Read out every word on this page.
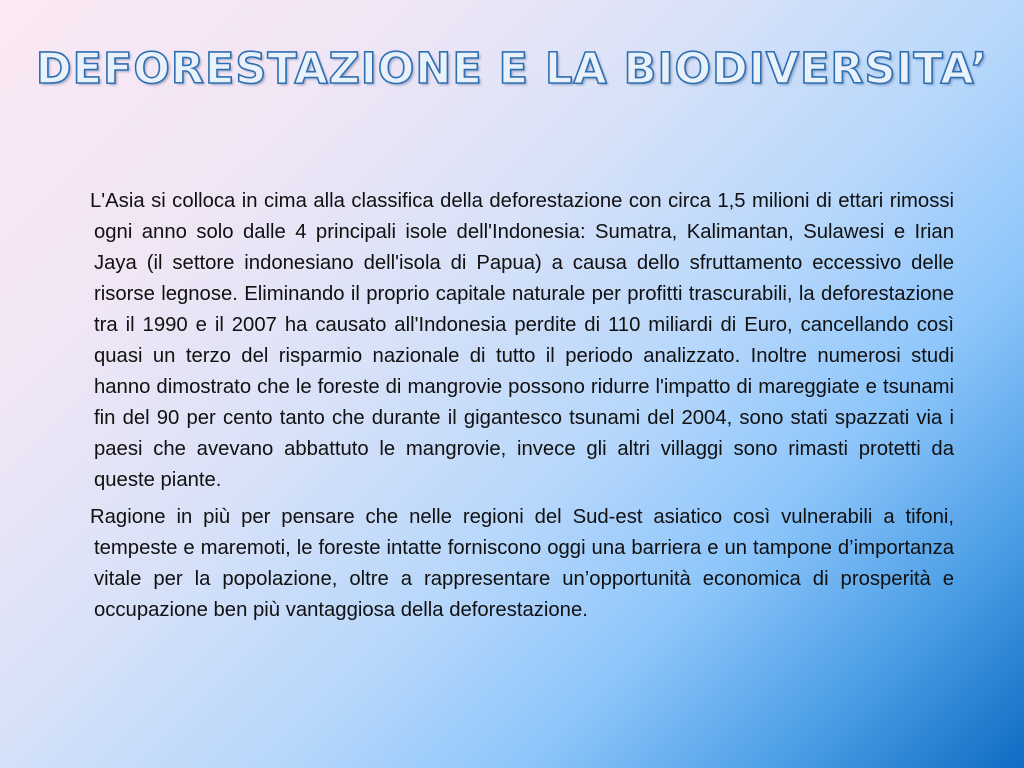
DEFORESTAZIONE E LA BIODIVERSITA’

L'Asia si colloca in cima alla classifica della deforestazione con circa 1,5 milioni di ettari rimossi ogni anno solo dalle 4 principali isole dell'Indonesia: Sumatra, Kalimantan, Sulawesi e Irian Jaya (il settore indonesiano dell'isola di Papua) a causa dello sfruttamento eccessivo delle risorse legnose. Eliminando il proprio capitale naturale per profitti trascurabili, la deforestazione tra il 1990 e il 2007 ha causato all'Indonesia perdite di 110 miliardi di Euro, cancellando così quasi un terzo del risparmio nazionale di tutto il periodo analizzato. Inoltre numerosi studi hanno dimostrato che le foreste di mangrovie possono ridurre l'impatto di mareggiate e tsunami fin del 90 per cento tanto che durante il gigantesco tsunami del 2004, sono stati spazzati via i paesi che avevano abbattuto le mangrovie, invece gli altri villaggi sono rimasti protetti da queste piante.

Ragione in più per pensare che nelle regioni del Sud-est asiatico così vulnerabili a tifoni, tempeste e maremoti, le foreste intatte forniscono oggi una barriera e un tampone d’importanza vitale per la popolazione, oltre a rappresentare un’opportunità economica di prosperità e occupazione ben più vantaggiosa della deforestazione.
